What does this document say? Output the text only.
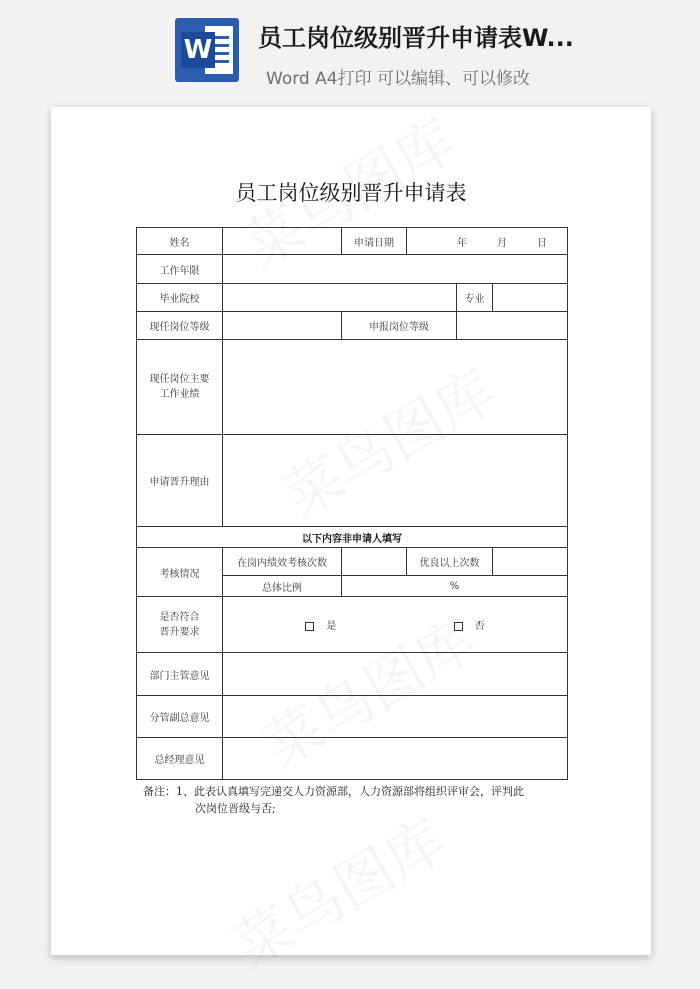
W 员工岗位级别晋升申请表W...
Word A4打印 可以编辑、可以修改
员工岗位级别晋升申请表
姓名		申请日期	年 月 日		
工作年限					
毕业院校				专业	
现任岗位等级		申报岗位等级			
现任岗位主要工作业绩					
申请晋升理由					
以下内容非申请人填写					
考核情况	在岗内绩效考核次数		优良以上次数		
	总体比例	%			
是否符合晋升要求	是 否				
部门主管意见					
分管副总意见					
总经理意见					
备注：1、此表认真填写完递交人力资源部，人力资源部将组织评审会，评判此
次岗位晋级与否;
